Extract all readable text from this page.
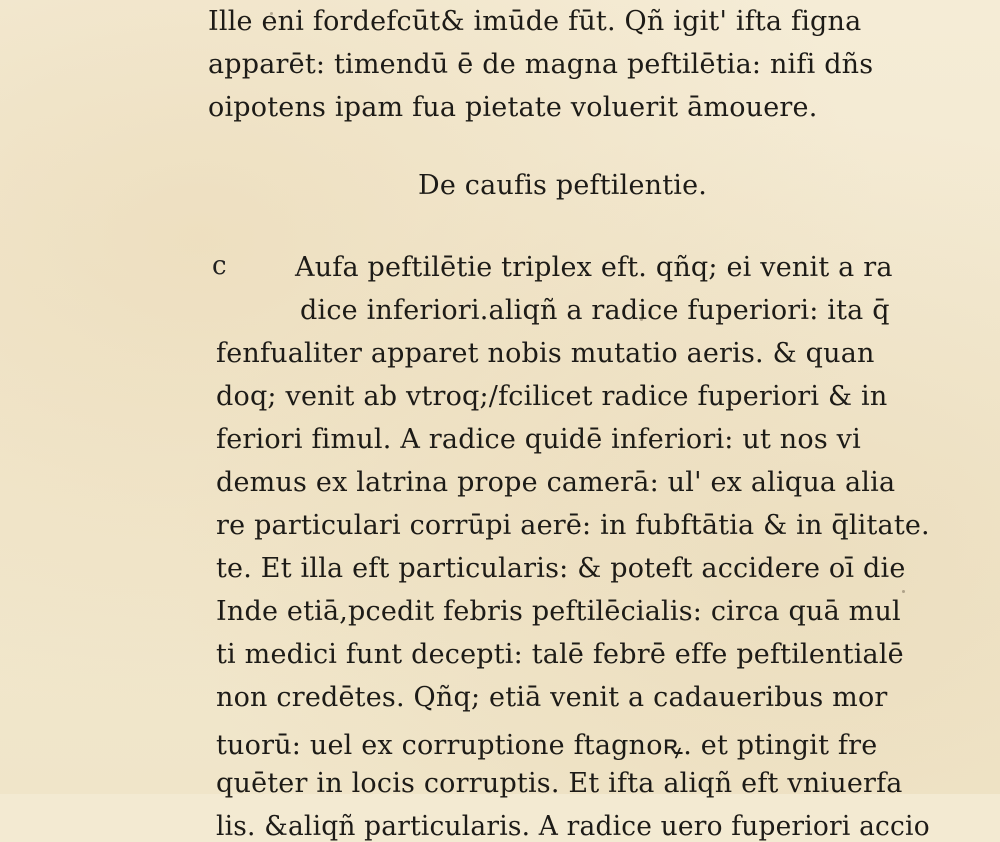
Ille eni fordefcūt& imūde fūt. Qñ igit' ifta figna
apparēt: timendū ē de magna peftilētia: nifi dñs
oipotens ipam fua pietate voluerit āmouere.
De caufis peftilentie.
c	Aufa peftilētie triplex eft. qñq; ei venit a ra
dice inferiori.aliqñ a radice fuperiori: ita q̄
fenfualiter apparet nobis mutatio aeris. & quan
doq; venit ab vtroq;/fcilicet radice fuperiori & in
feriori fimul. A radice quidē inferiori: ut nos vi
demus ex latrina prope camerā: ul' ex aliqua alia
re particulari corrūpi aerē: in fubftātia & in q̄litate.
te. Et illa eft particularis: & poteft accidere oī die
Inde etiā,pcedit febris peftilēcialis: circa quā mul
ti medici funt decepti: talē febrē effe peftilentialē
non credētes. Qñq; etiā venit a cadaueribus mor
tuorū: uel ex corruptione ftagnoꝶ. et ptingit fre
quēter in locis corruptis. Et ifta aliqñ eft vniuerfa
lis. &aliqñ particularis. A radice uero fuperiori accio
